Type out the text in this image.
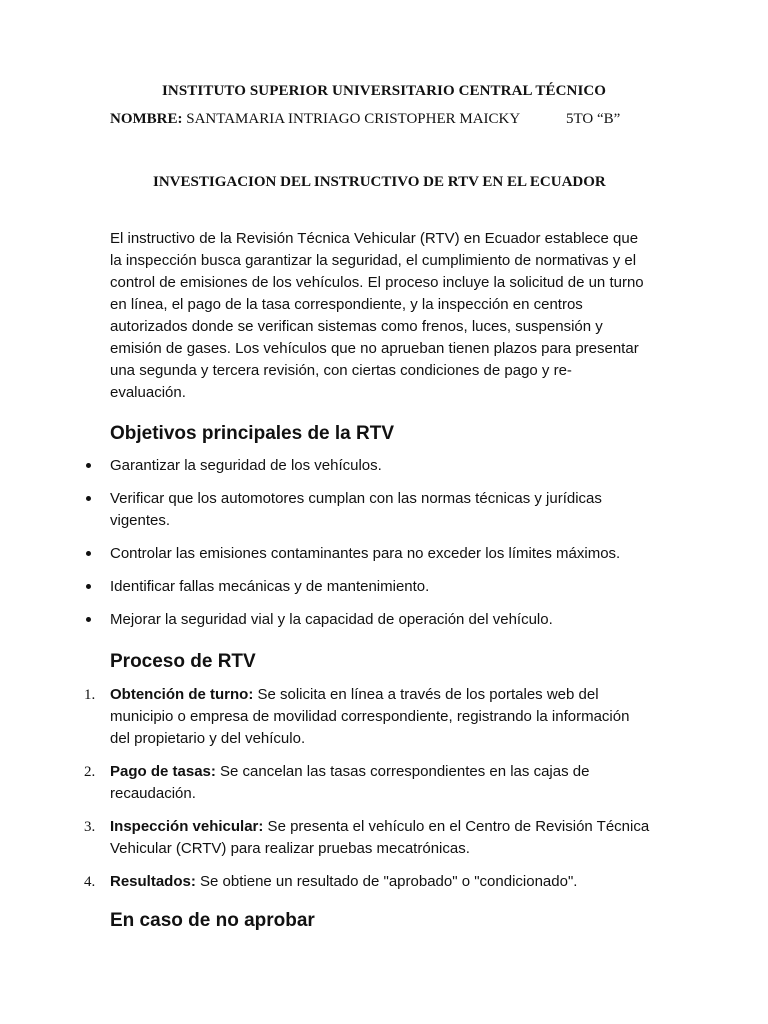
INSTITUTO SUPERIOR UNIVERSITARIO CENTRAL TÉCNICO
NOMBRE: SANTAMARIA INTRIAGO CRISTOPHER MAICKY	5TO “B”
INVESTIGACION DEL INSTRUCTIVO DE RTV EN EL ECUADOR
El instructivo de la Revisión Técnica Vehicular (RTV) en Ecuador establece que
la inspección busca garantizar la seguridad, el cumplimiento de normativas y el
control de emisiones de los vehículos. El proceso incluye la solicitud de un turno
en línea, el pago de la tasa correspondiente, y la inspección en centros
autorizados donde se verifican sistemas como frenos, luces, suspensión y
emisión de gases. Los vehículos que no aprueban tienen plazos para presentar
una segunda y tercera revisión, con ciertas condiciones de pago y re-
evaluación.
Objetivos principales de la RTV
Garantizar la seguridad de los vehículos.
Verificar que los automotores cumplan con las normas técnicas y jurídicas
vigentes.
Controlar las emisiones contaminantes para no exceder los límites máximos.
Identificar fallas mecánicas y de mantenimiento.
Mejorar la seguridad vial y la capacidad de operación del vehículo.
Proceso de RTV
1. Obtención de turno: Se solicita en línea a través de los portales web del
municipio o empresa de movilidad correspondiente, registrando la información
del propietario y del vehículo.
2. Pago de tasas: Se cancelan las tasas correspondientes en las cajas de
recaudación.
3. Inspección vehicular: Se presenta el vehículo en el Centro de Revisión Técnica
Vehicular (CRTV) para realizar pruebas mecatrónicas.
4. Resultados: Se obtiene un resultado de "aprobado" o "condicionado".
En caso de no aprobar
